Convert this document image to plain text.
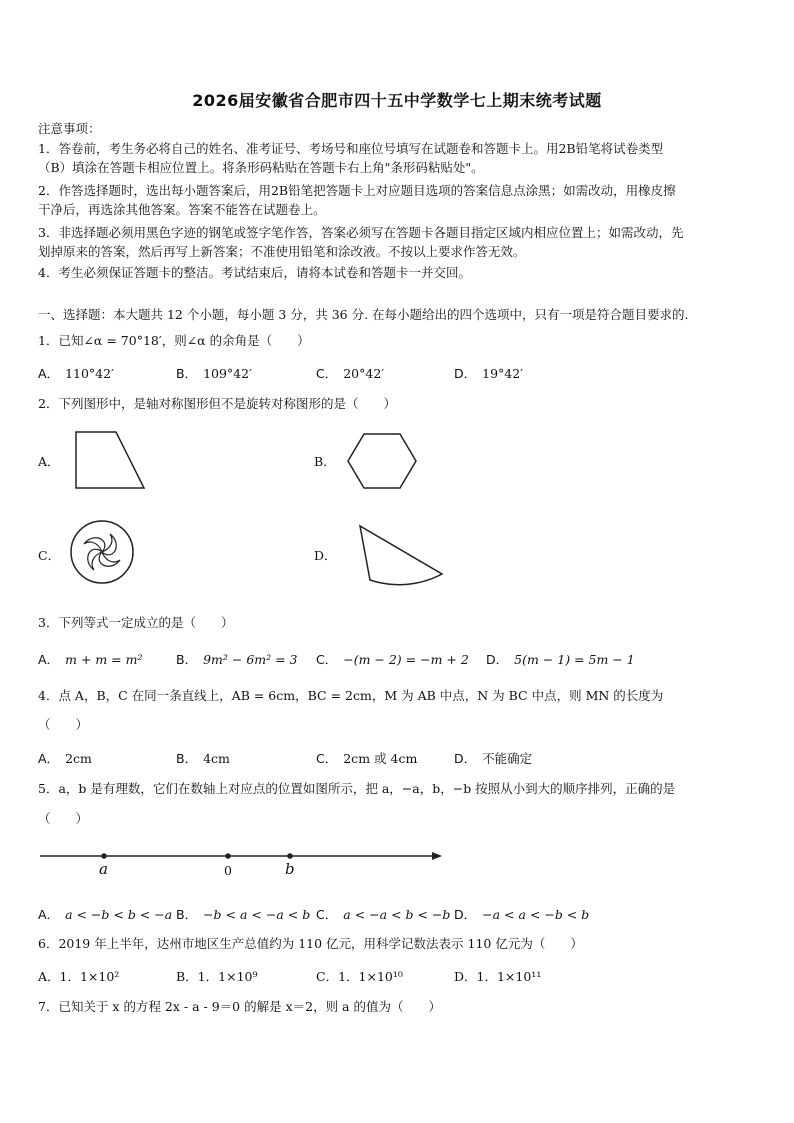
2026届安徽省合肥市四十五中学数学七上期末统考试题
注意事项：
1．答卷前，考生务必将自己的姓名、准考证号、考场号和座位号填写在试题卷和答题卡上。用2B铅笔将试卷类型
（B）填涂在答题卡相应位置上。将条形码粘贴在答题卡右上角"条形码粘贴处"。
2．作答选择题时，选出每小题答案后，用2B铅笔把答题卡上对应题目选项的答案信息点涂黑；如需改动，用橡皮擦
干净后，再选涂其他答案。答案不能答在试题卷上。
3．非选择题必须用黑色字迹的钢笔或签字笔作答，答案必须写在答题卡各题目指定区域内相应位置上；如需改动，先
划掉原来的答案，然后再写上新答案；不准使用铅笔和涂改液。不按以上要求作答无效。
4．考生必须保证答题卡的整洁。考试结束后，请将本试卷和答题卡一并交回。
一、选择题：本大题共 12 个小题，每小题 3 分，共 36 分. 在每小题给出的四个选项中，只有一项是符合题目要求的.
1．已知∠α = 70°18′，则∠α 的余角是（　　）
A． 110°42′	B． 109°42′	C． 20°42′	D． 19°42′
2．下列图形中，是轴对称图形但不是旋转对称图形的是（　　）
A．	B．
C．	D．
3．下列等式一定成立的是（　　）
A． m + m = m²	B． 9m² − 6m² = 3 C． −(m − 2) = −m + 2 D． 5(m − 1) = 5m − 1
4．点 A，B，C 在同一条直线上，AB = 6cm，BC = 2cm，M 为 AB 中点，N 为 BC 中点，则 MN 的长度为
（　　）
A． 2cm	B． 4cm	C． 2cm 或 4cm	D． 不能确定
5．a，b 是有理数，它们在数轴上对应点的位置如图所示，把 a，−a，b，−b 按照从小到大的顺序排列，正确的是
（　　）
a	0	b
A． a < −b < b < −a B． −b < a < −a < b C． a < −a < b < −b D． −a < a < −b < b
6．2019 年上半年，达州市地区生产总值约为 110 亿元，用科学记数法表示 110 亿元为（　　）
A．1．1×10²	B．1．1×10⁹	C．1．1×10¹⁰	D．1．1×10¹¹
7．已知关于 x 的方程 2x - a - 9＝0 的解是 x＝2，则 a 的值为（　　）
